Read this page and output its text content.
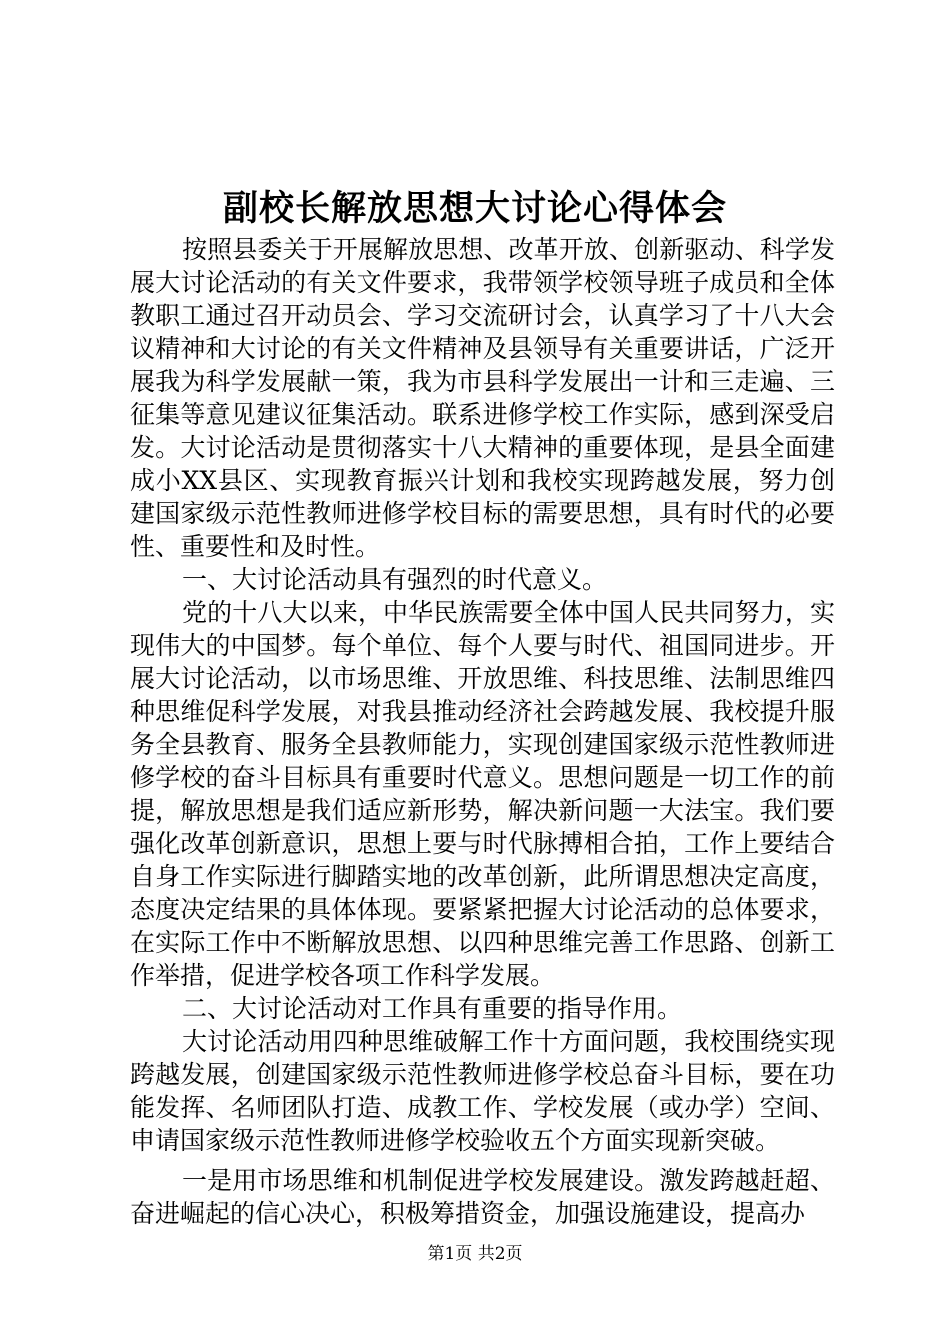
副校长解放思想大讨论心得体会

按照县委关于开展解放思想、改革开放、创新驱动、科学发展大讨论活动的有关文件要求，我带领学校领导班子成员和全体教职工通过召开动员会、学习交流研讨会，认真学习了十八大会议精神和大讨论的有关文件精神及县领导有关重要讲话，广泛开展我为科学发展献一策，我为市县科学发展出一计和三走遍、三征集等意见建议征集活动。联系进修学校工作实际，感到深受启发。大讨论活动是贯彻落实十八大精神的重要体现，是县全面建成小XX县区、实现教育振兴计划和我校实现跨越发展，努力创建国家级示范性教师进修学校目标的需要思想，具有时代的必要性、重要性和及时性。

一、大讨论活动具有强烈的时代意义。

党的十八大以来，中华民族需要全体中国人民共同努力，实现伟大的中国梦。每个单位、每个人要与时代、祖国同进步。开展大讨论活动，以市场思维、开放思维、科技思维、法制思维四种思维促科学发展，对我县推动经济社会跨越发展、我校提升服务全县教育、服务全县教师能力，实现创建国家级示范性教师进修学校的奋斗目标具有重要时代意义。思想问题是一切工作的前提，解放思想是我们适应新形势，解决新问题一大法宝。我们要强化改革创新意识，思想上要与时代脉搏相合拍，工作上要结合自身工作实际进行脚踏实地的改革创新，此所谓思想决定高度，态度决定结果的具体体现。要紧紧把握大讨论活动的总体要求，在实际工作中不断解放思想、以四种思维完善工作思路、创新工作举措，促进学校各项工作科学发展。

二、大讨论活动对工作具有重要的指导作用。

大讨论活动用四种思维破解工作十方面问题，我校围绕实现跨越发展，创建国家级示范性教师进修学校总奋斗目标，要在功能发挥、名师团队打造、成教工作、学校发展（或办学）空间、申请国家级示范性教师进修学校验收五个方面实现新突破。

一是用市场思维和机制促进学校发展建设。激发跨越赶超、奋进崛起的信心决心，积极筹措资金，加强设施建设，提高办

第1页 共2页
